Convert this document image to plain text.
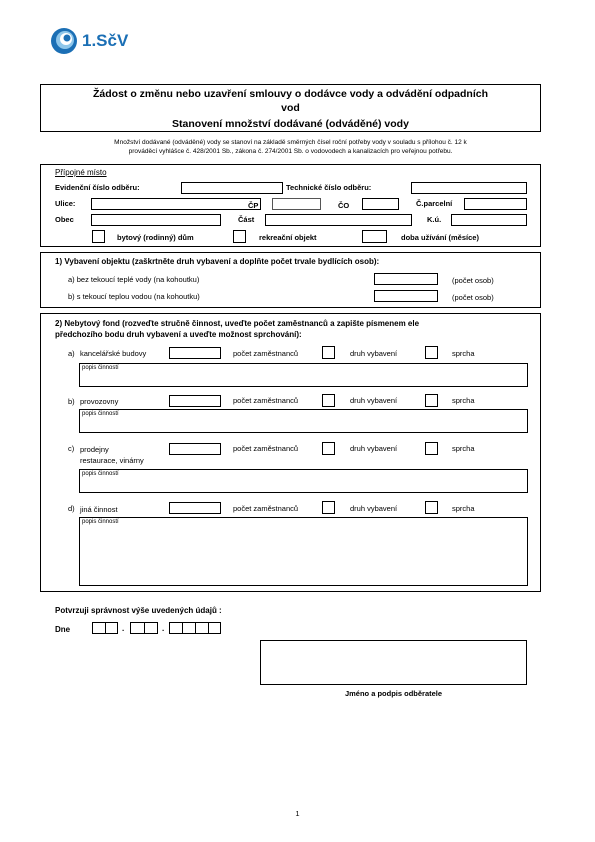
1.SčV
Žádost o změnu nebo uzavření smlouvy o dodávce vody a odvádění odpadních
vod
Stanovení množství dodávané (odváděné) vody
Množství dodávané (odváděné) vody se stanoví na základě směrných čísel roční potřeby vody v souladu s přílohou č. 12 k
prováděcí vyhlášce č. 428/2001 Sb., zákona č. 274/2001 Sb. o vodovodech a kanalizacích pro veřejnou potřebu.
Přípojné místo
Evidenční číslo odběru:	Technické číslo odběru:
Ulice:	ČP	ČO	Č.parcelní
Obec	Část	K.ú.
bytový (rodinný) dům	rekreační objekt	doba užívání (měsíce)
1) Vybavení objektu (zaškrtněte druh vybavení a doplňte počet trvale bydlících osob):
a) bez tekoucí teplé vody (na kohoutku)	(počet osob)
b) s tekoucí teplou vodou (na kohoutku)	(počet osob)
2) Nebytový fond (rozveďte stručně činnost, uveďte počet zaměstnanců a zapište písmenem ele
předchozího bodu druh vybavení a uveďte možnost sprchování):
a) kancelářské budovy	počet zaměstnanců	druh vybavení	sprcha
popis činností
b) provozovny	počet zaměstnanců	druh vybavení	sprcha
popis činností
c) prodejny
restaurace, vinárny
počet zaměstnanců	druh vybavení	sprcha
popis činností
d) jiná činnost	počet zaměstnanců	druh vybavení	sprcha
popis činností
Potvrzuji správnost výše uvedených údajů :
Dne	.	.
Jméno a podpis odběratele
1
